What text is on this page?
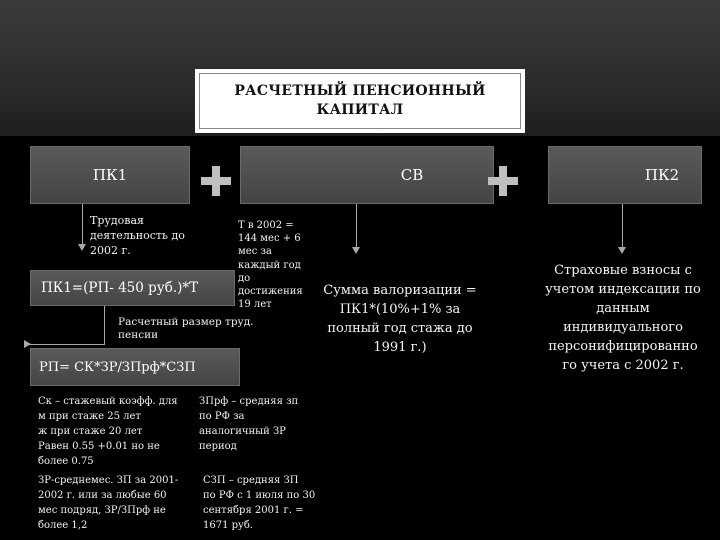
РАСЧЕТНЫЙ ПЕНСИОННЫЙ
КАПИТАЛ
ПК1	СВ	ПК2
Трудовая
деятельность до
2002 г.
Т в 2002 =
144 мес + 6
мес за
каждый год
до
достижения
19 лет
ПК1=(РП- 450 руб.)*Т
Расчетный размер труд.
пенсии
РП= СК*ЗР/ЗПрф*СЗП
Сумма валоризации =
ПК1*(10%+1% за
полный год стажа до
1991 г.)
Страховые взносы с
учетом индексации по
данным
индивидуального
персонифицированно
го учета с 2002 г.
Ск – стажевый коэфф. для
м при стаже 25 лет
ж при стаже 20 лет
Равен 0.55 +0.01 но не
более 0.75
ЗПрф – средняя зп
по РФ за
аналогичный ЗР
период
ЗР-среднемес. ЗП за 2001-
2002 г. или за любые 60
мес подряд, ЗР/ЗПрф не
более 1,2
СЗП – средняя ЗП
по РФ с 1 июля по 30
сентября 2001 г. =
1671 руб.
